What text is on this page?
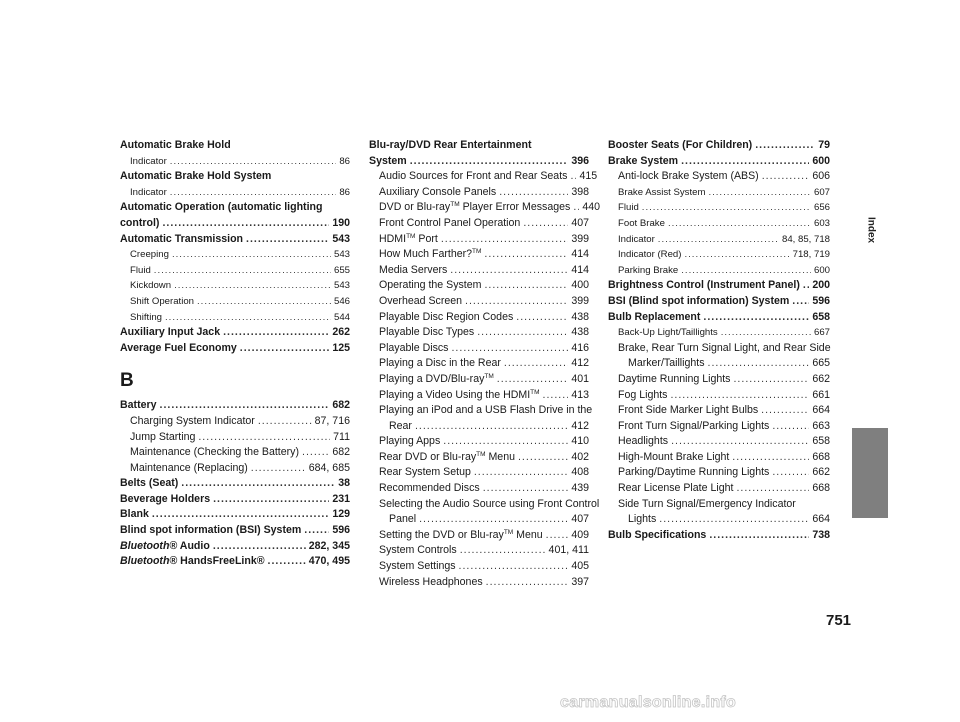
Automatic Brake Hold
Indicator .....	86
Automatic Brake Hold System
Indicator .....	86
Automatic Operation (automatic lighting
control) .....	190
Automatic Transmission .....	543
Creeping .....	543
Fluid .....	655
Kickdown .....	543
Shift Operation .....	546
Shifting .....	544
Auxiliary Input Jack .....	262
Average Fuel Economy .....	125
B
Battery .....	682
Charging System Indicator .....	87, 716
Jump Starting .....	711
Maintenance (Checking the Battery) .....	682
Maintenance (Replacing) .....	684, 685
Belts (Seat) .....	38
Beverage Holders .....	231
Blank .....	129
Blind spot information (BSI) System .....	596
Bluetooth® Audio .....	282, 345
Bluetooth® HandsFreeLink® .....	470, 495
Blu-ray/DVD Rear Entertainment
System .....	396
Audio Sources for Front and Rear Seats ..... 415
Auxiliary Console Panels .....	398
DVD or Blu-ray™ Player Error Messages ..... 440
Front Control Panel Operation .....	407
HDMI™ Port .....	399
How Much Farther?™ .....	414
Media Servers .....	414
Operating the System .....	400
Overhead Screen .....	399
Playable Disc Region Codes .....	438
Playable Disc Types .....	438
Playable Discs .....	416
Playing a Disc in the Rear .....	412
Playing a DVD/Blu-ray™ .....	401
Playing a Video Using the HDMI™ .....	413
Playing an iPod and a USB Flash Drive in the
Rear .....	412
Playing Apps .....	410
Rear DVD or Blu-ray™ Menu .....	402
Rear System Setup .....	408
Recommended Discs .....	439
Selecting the Audio Source using Front Control
Panel .....	407
Setting the DVD or Blu-ray™ Menu .....	409
System Controls .....	401, 411
System Settings .....	405
Wireless Headphones .....	397
Booster Seats (For Children) .....	79
Brake System .....	600
Anti-lock Brake System (ABS) .....	606
Brake Assist System .....	607
Fluid .....	656
Foot Brake .....	603
Indicator .....	84, 85, 718
Indicator (Red) .....	718, 719
Parking Brake .....	600
Brightness Control (Instrument Panel) ..... 200
BSI (Blind spot information) System ..... 596
Bulb Replacement .....	658
Back-Up Light/Taillights .....	667
Brake, Rear Turn Signal Light, and Rear Side
Marker/Taillights .....	665
Daytime Running Lights .....	662
Fog Lights .....	661
Front Side Marker Light Bulbs .....	664
Front Turn Signal/Parking Lights .....	663
Headlights .....	658
High-Mount Brake Light .....	668
Parking/Daytime Running Lights .....	662
Rear License Plate Light .....	668
Side Turn Signal/Emergency Indicator
Lights .....	664
Bulb Specifications .....	738
Index
751
carmanualsonline.info
